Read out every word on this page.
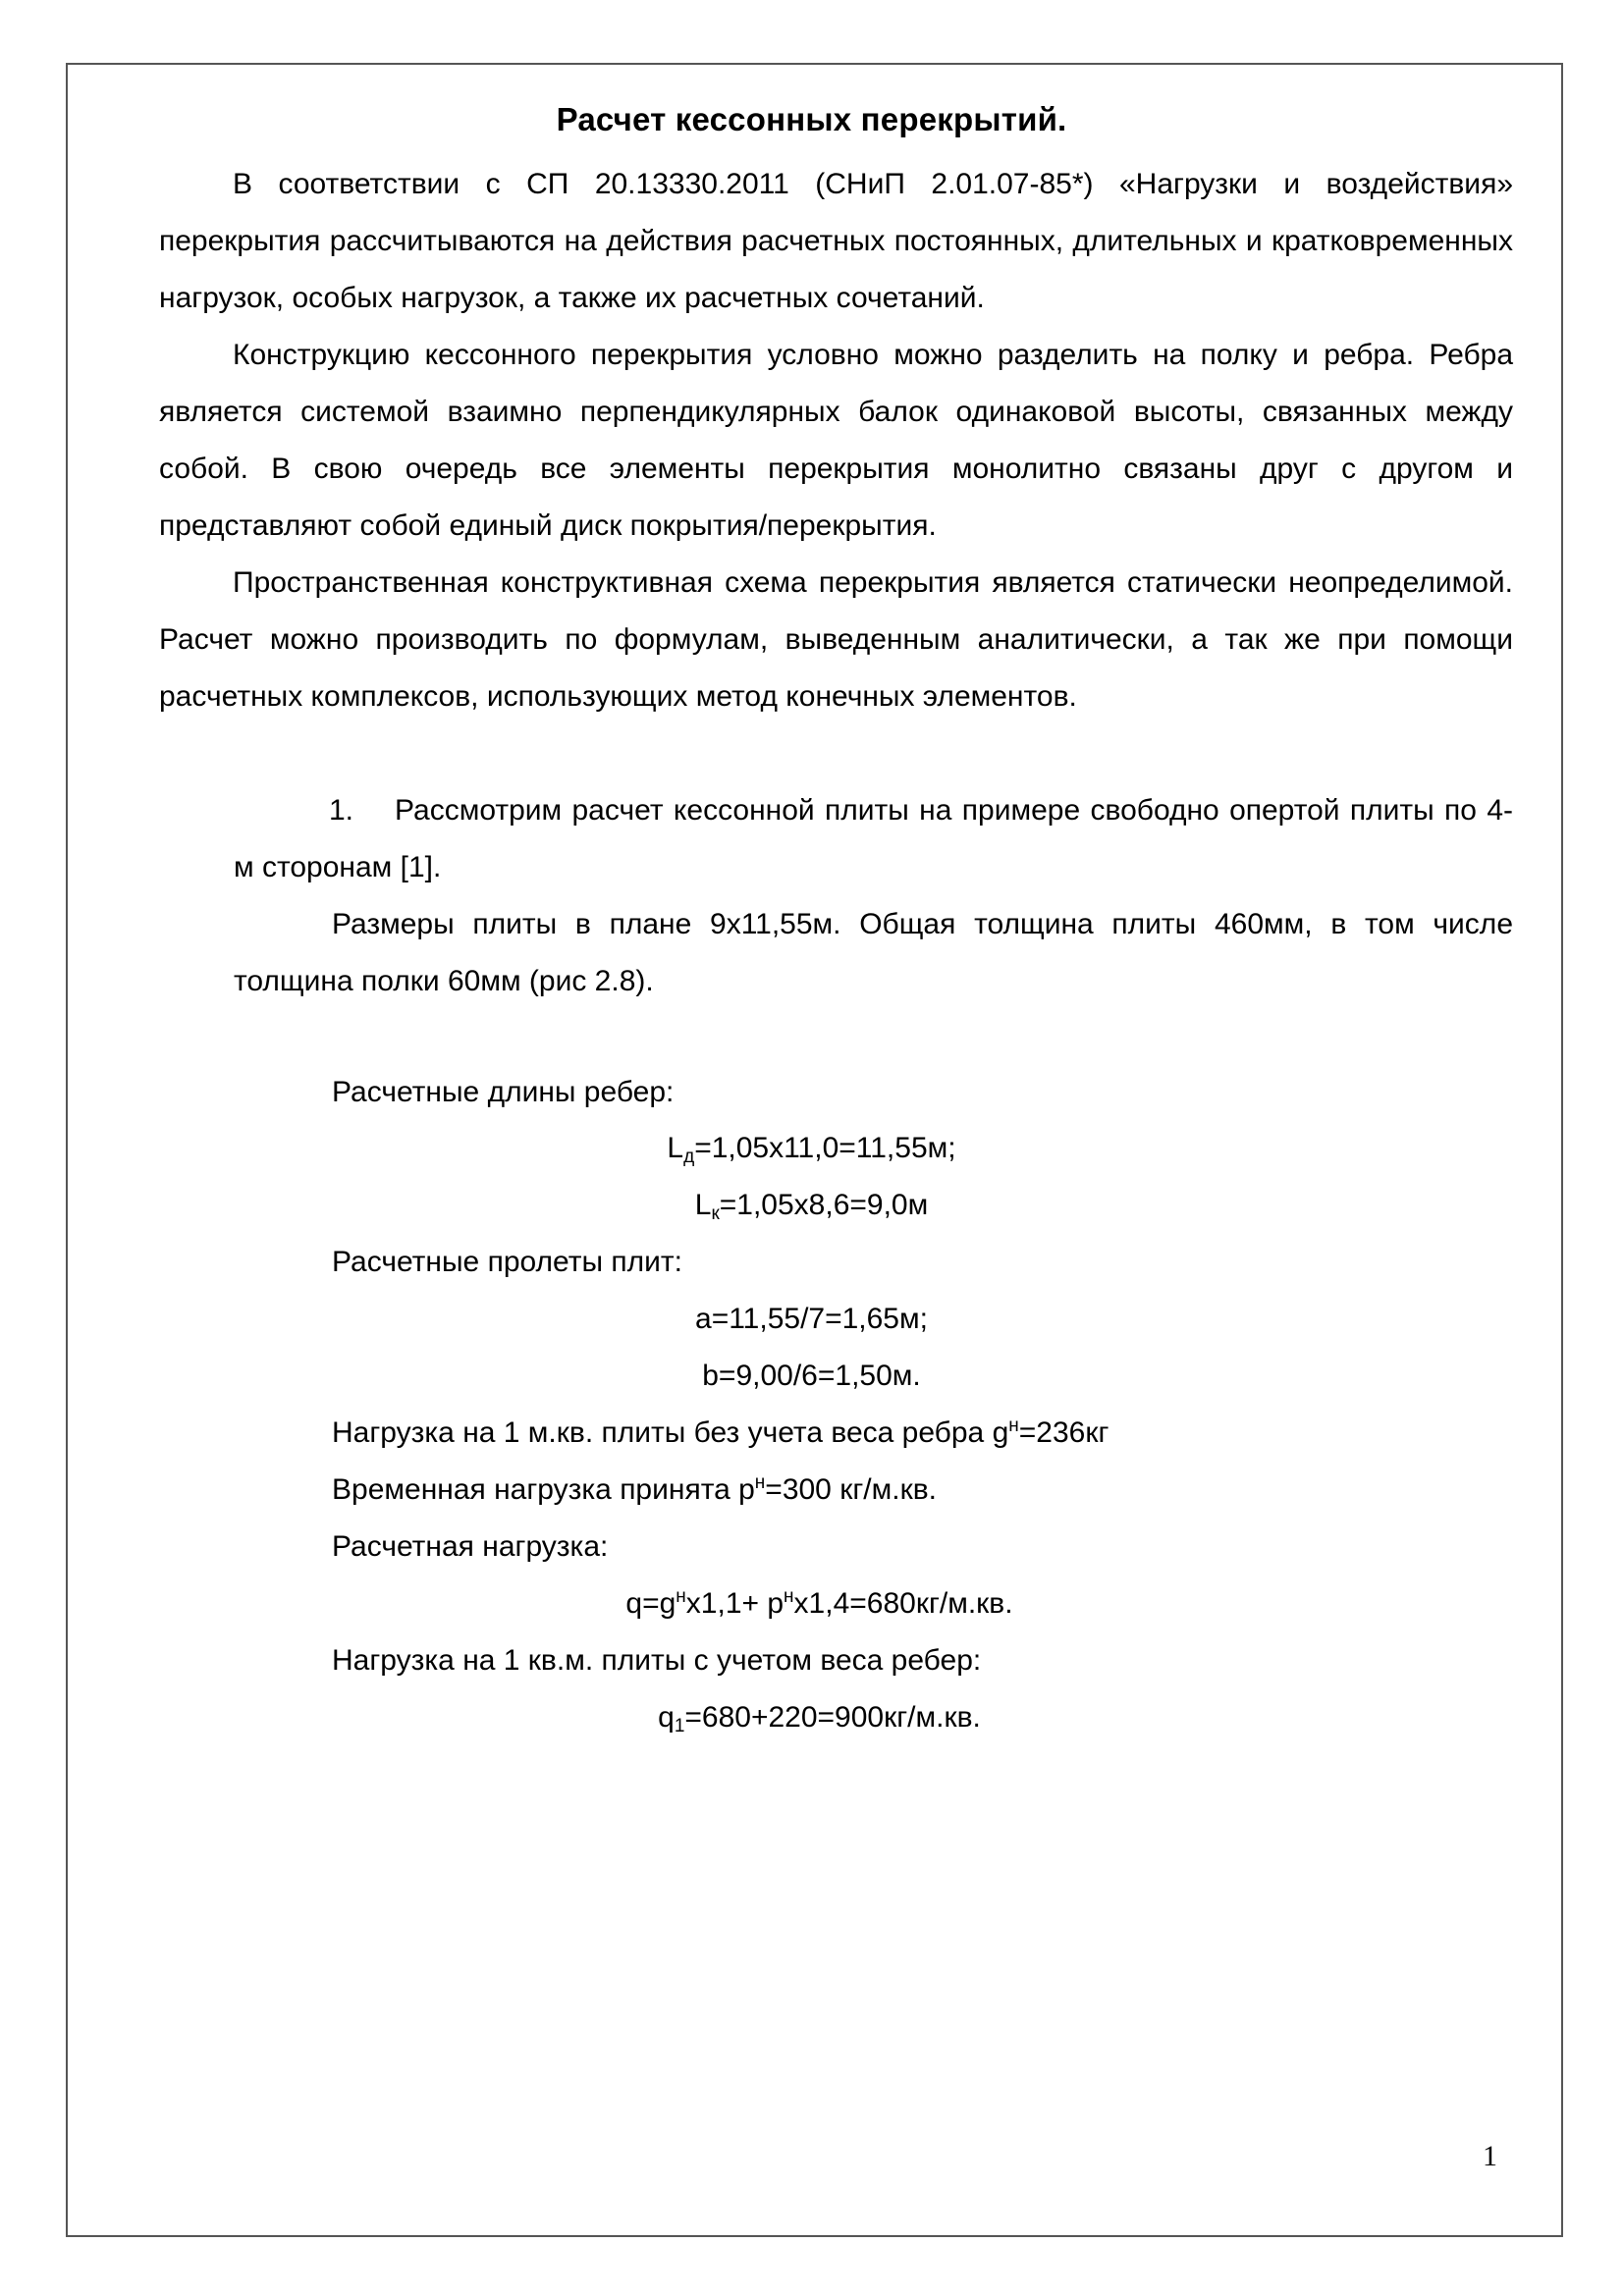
Расчет кессонных перекрытий.
В соответствии с СП 20.13330.2011 (СНиП 2.01.07-85*) «Нагрузки и воздействия» перекрытия рассчитываются на действия расчетных постоянных, длительных и кратковременных нагрузок, особых нагрузок, а также их расчетных сочетаний.
Конструкцию кессонного перекрытия условно можно разделить на полку и ребра. Ребра является системой взаимно перпендикулярных балок одинаковой высоты, связанных между собой. В свою очередь все элементы перекрытия монолитно связаны друг с другом и представляют собой единый диск покрытия/перекрытия.
Пространственная конструктивная схема перекрытия является статически неопределимой. Расчет можно производить по формулам, выведенным аналитически, а так же при помощи расчетных комплексов, использующих метод конечных элементов.
1. Рассмотрим расчет кессонной плиты на примере свободно опертой плиты по 4-м сторонам [1].
Размеры плиты в плане 9х11,55м. Общая толщина плиты 460мм, в том числе толщина полки 60мм (рис 2.8).
Расчетные длины ребер:
$L_д=1,05х11,0=11,55м$;
$L_к=1,05х8,6=9,0м$
Расчетные пролеты плит:
а=11,55/7=1,65м;
b=9,00/6=1,50м.
Нагрузка на 1 м.кв. плиты без учета веса ребра $g^н=236кг$
Временная нагрузка принята $р^н=300$ кг/м.кв.
Расчетная нагрузка:
$q=g^нх1,1+ р^нх1,4=680кг/м.кв$.
Нагрузка на 1 кв.м. плиты с учетом веса ребер:
$q_1=680+220=900кг/м.кв$.
1
